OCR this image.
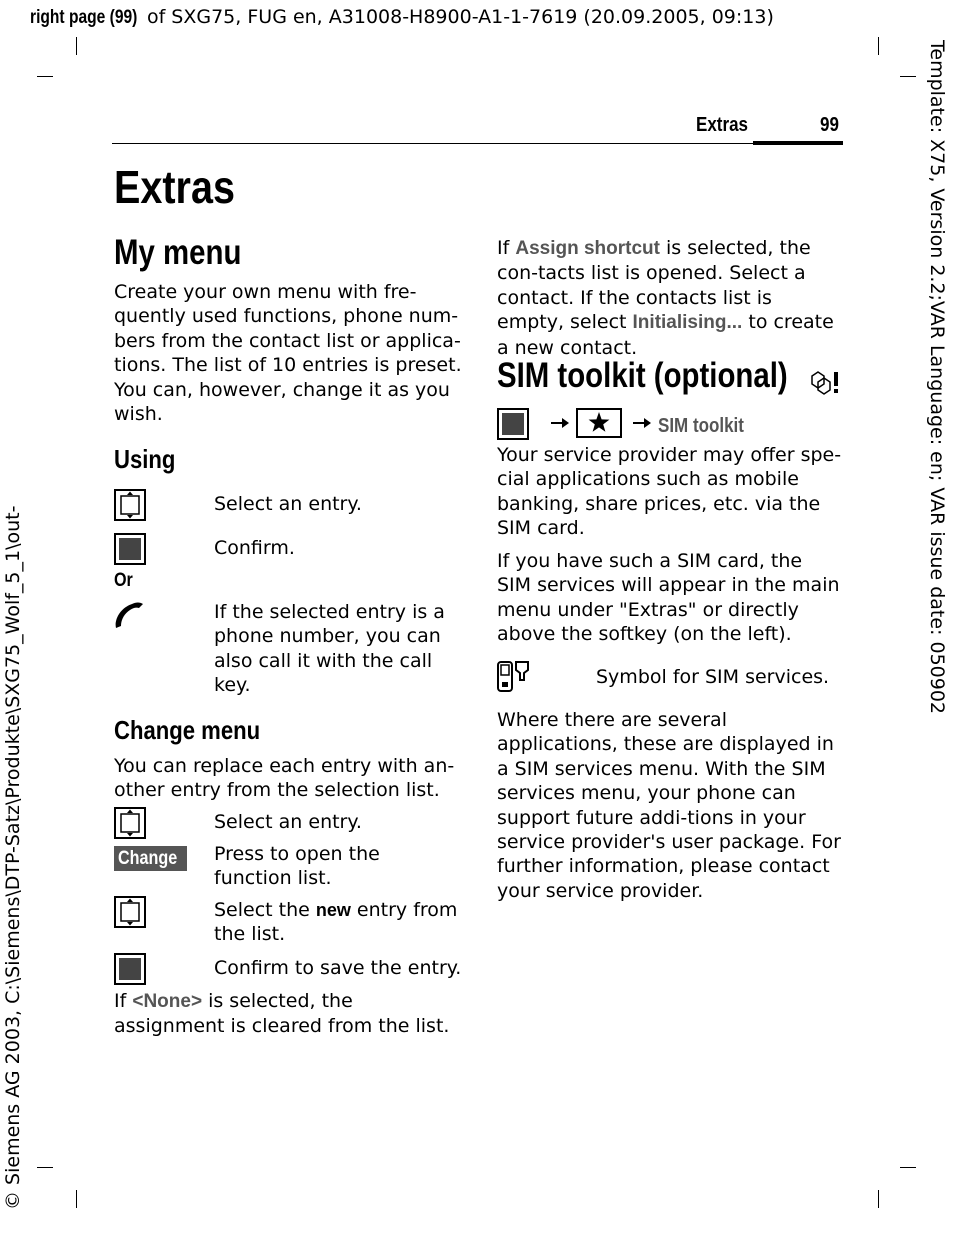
right page (99) of SXG75, FUG en, A31008-H8900-A1-1-7619 (20.09.2005, 09:13)
Template: X75, Version 2.2;VAR Language: en; VAR issue date: 050902
© Siemens AG 2003, C:\Siemens\DTP-Satz\Produkte\SXG75_Wolf_5_1\out-
Extras	99
Extras
My menu
Create your own menu with fre-quently used functions, phone num-bers from the contact list or applica-tions. The list of 10 entries is preset. You can, however, change it as you wish.
Using
Select an entry.
Confirm.
Or
If the selected entry is a phone number, you can also call it with the call key.
Change menu
You can replace each entry with an-other entry from the selection list.
Select an entry.
Change	Press to open the function list.
Select the new entry from the list.
Confirm to save the entry.
If <None> is selected, the assignment is cleared from the list.
If Assign shortcut is selected, the con-tacts list is opened. Select a contact. If the contacts list is empty, select Initialising... to create a new contact.
SIM toolkit (optional)
SIM toolkit
Your service provider may offer spe-cial applications such as mobile banking, share prices, etc. via the SIM card.
If you have such a SIM card, the SIM services will appear in the main menu under "Extras" or directly above the softkey (on the left).
Symbol for SIM services.
Where there are several applications, these are displayed in a SIM services menu. With the SIM services menu, your phone can support future addi-tions in your service provider's user package. For further information, please contact your service provider.
